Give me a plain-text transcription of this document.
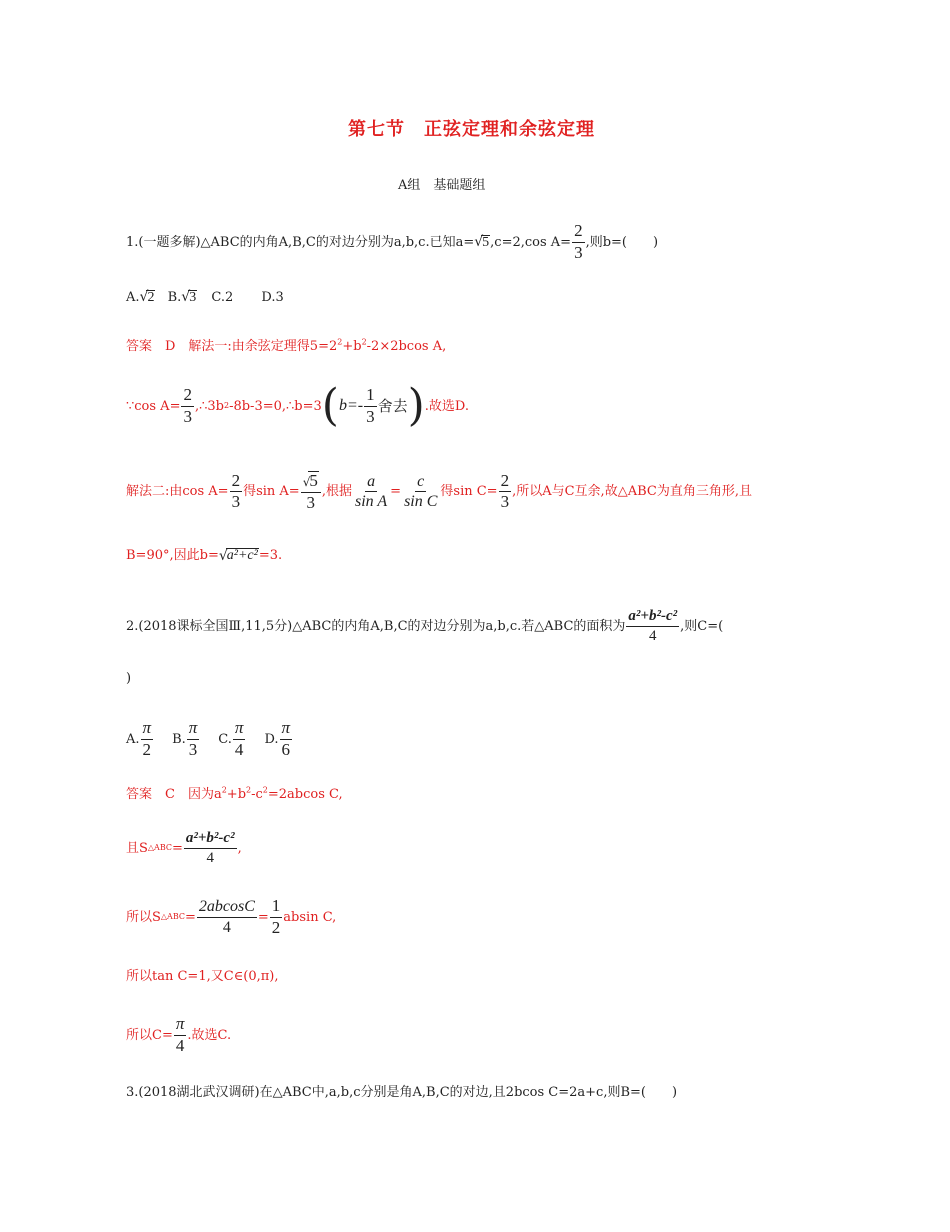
第七节　正弦定理和余弦定理
A组　基础题组
1.(一题多解)△ABC的内角A,B,C的对边分别为a,b,c.已知a= √ 5 ,c=2,cos $A= \frac{2}{3}$ ,则b=(　　)
A.√2 B.√3 C.2 D.3
答案　D　解法一:由余弦定理得$5=2^2+b^2-2\times 2bcos$ A,
∵cos $A= \frac{2}{3}$ ,∴3b 2 -8b-3=0,∴b=3 ( $b=- \frac{1}{3}$ 舍去 ) .故选D.
解法二:由$\cos A= \frac{2}{3}$ 得$\sin A= \frac{√5}{3}$ ,根据 $\frac{a}{\text{sin A}} = \frac{c}{\text{sin C}}$ 得$\sin C= \frac{2}{3}$ ,所以A与C互余,故△ABC为直角三角形,且
B=90°,因此b= √ a²+c² =3.
2.(2018课标全国Ⅲ,11,5分)△ABC的内角A,B,C的对边分别为a,b,c.若△ABC的面积为 $\frac{\text{a²+b²-c²}}{4}$ ,则C=(
)
A. $\frac{\pi}{2} B$. $\frac{\pi}{3} C$. $\frac{\pi}{4} D$. $\frac{\pi}{6}$
答案　C　因为$a^2+b^2-c^2=2abcos$ C,
且S △ABC = $\frac{\text{a²+b²-c²}}{4}$ ,
所以S △ABC = $\frac{2abcosC}{4} = \frac{1}{2}$ absin C,
所以tan C=1,又C∈(0,π),
所以$C= \frac{\pi}{4}$ .故选C.
3.(2018湖北武汉调研)在△ABC中,a,b,c分别是角A,B,C的对边,且2bcos C=2a+c,则B=(　　)
